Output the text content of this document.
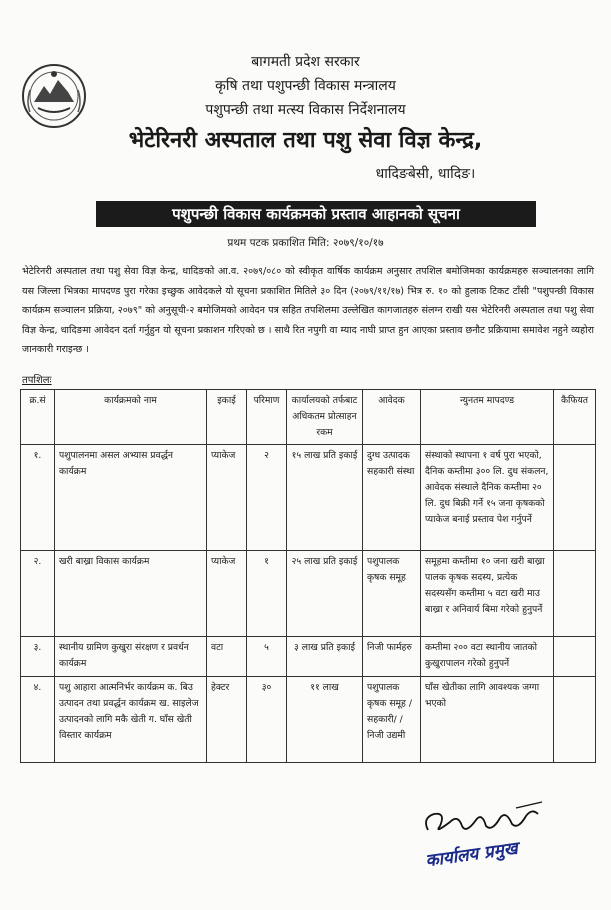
बागमती प्रदेश सरकार
कृषि तथा पशुपन्छी विकास मन्त्रालय
पशुपन्छी तथा मत्स्य विकास निर्देशनालय
भेटेरिनरी अस्पताल तथा पशु सेवा विज्ञ केन्द्र,
धादिङबेसी, धादिङ।
पशुपन्छी विकास कार्यक्रमको प्रस्ताव आहानको सूचना
प्रथम पटक प्रकाशित मिति: २०७९/१०/१७
भेटेरिनरी अस्पताल तथा पशु सेवा विज्ञ केन्द्र, धादिङको आ.व. २०७९/०८० को स्वीकृत वार्षिक कार्यक्रम अनुसार तपशिल बमोजिमका कार्यक्रमहरु सञ्चालनका लागि यस जिल्ला भित्रका मापदण्ड पुरा गरेका इच्छुक आवेदकले यो सूचना प्रकाशित मितिले ३० दिन (२०७९/११/१७) भित्र रु. १० को हुलाक टिकट टाँसी "पशुपन्छी विकास कार्यक्रम सञ्चालन प्रक्रिया, २०७९" को अनुसूची-२ बमोजिमको आवेदन पत्र सहित तपशिलमा उल्लेखित कागजातहरु संलग्न राखी यस भेटेरिनरी अस्पताल तथा पशु सेवा विज्ञ केन्द्र, धादिङमा आवेदन दर्ता गर्नुहुन यो सूचना प्रकाशन गरिएको छ । साथै रित नपुगी वा म्याद नाघी प्राप्त हुन आएका प्रस्ताव छनौट प्रक्रियामा समावेश नहुने व्यहोरा जानकारी गराइन्छ ।
तपशिलः
क्र.सं	कार्यक्रमको नाम	इकाई	परिमाण	कार्यालयको तर्फबाट अधिकतम प्रोत्साहन रकम	आवेदक	न्युनतम मापदण्ड	कैफियत
१.	पशुपालनमा असल अभ्यास प्रवर्द्धन कार्यक्रम	प्याकेज	२	१५ लाख प्रति इकाई	दुग्ध उत्पादक सहकारी संस्था	संस्थाको स्थापना १ वर्ष पुरा भएको, दैनिक कम्तीमा ३०० लि. दुध संकलन, आवेदक संस्थाले दैनिक कम्तीमा २० लि. दुध बिक्री गर्ने १५ जना कृषकको प्याकेज बनाई प्रस्ताव पेश गर्नुपर्ने	
२.	खरी बाख्रा विकास कार्यक्रम	प्याकेज	१	२५ लाख प्रति इकाई	पशुपालक कृषक समूह	समूहमा कम्तीमा १० जना खरी बाख्रा पालक कृषक सदस्य, प्रत्येक सदस्यसँग कम्तीमा ५ वटा खरी माउ बाख्रा र अनिवार्य बिमा गरेको हुनुपर्ने	
३.	स्थानीय ग्रामिण कुखुरा संरक्षण र प्रवर्धन कार्यक्रम	वटा	५	३ लाख प्रति इकाई	निजी फार्महरु	कम्तीमा २०० वटा स्थानीय जातको कुखुरापालन गरेको हुनुपर्ने	
४.	पशु आहारा आत्मनिर्भर कार्यक्रम क. बिउ उत्पादन तथा प्रवर्द्धन कार्यक्रम ख. साइलेज उत्पादनको लागि मकै खेती ग. घाँस खेती विस्तार कार्यक्रम	हेक्टर	३०	११ लाख	पशुपालक कृषक समूह /सहकारी/ /निजी उद्यमी	घाँस खेतीका लागि आवश्यक जग्गा भएको	
कार्यालय प्रमुख
